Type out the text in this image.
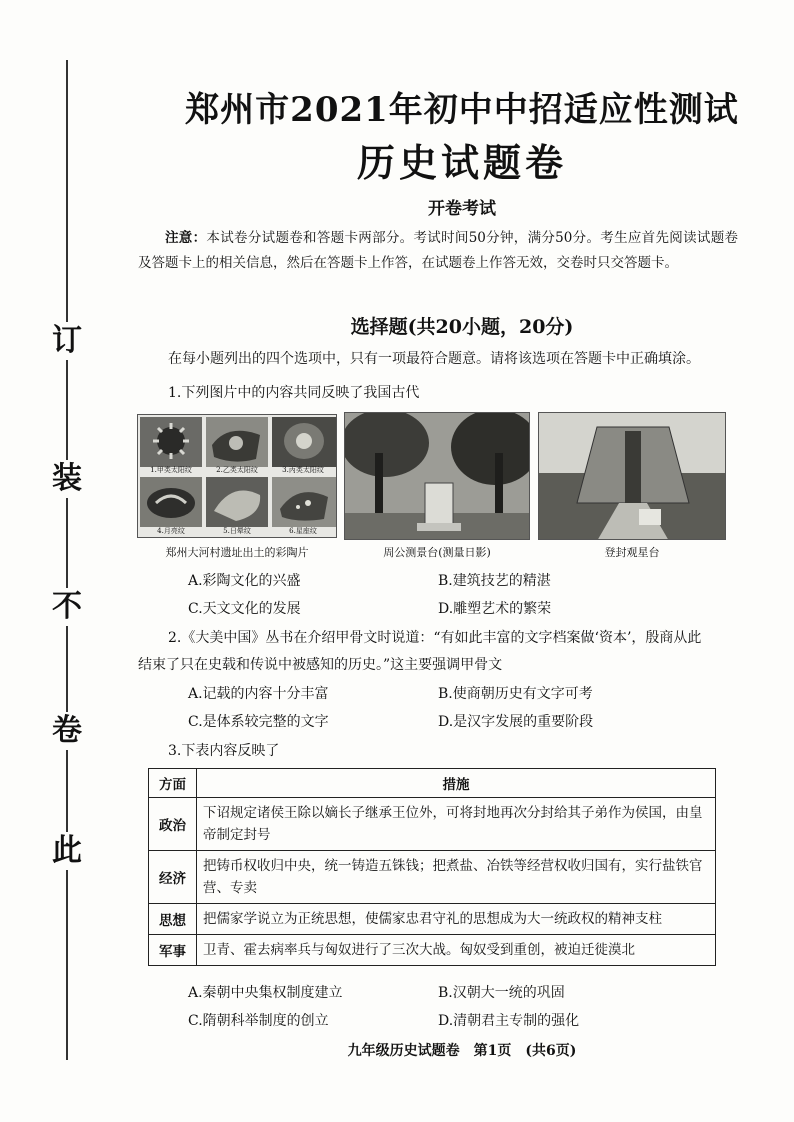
订
装
不
卷
此
郑州市2021年初中中招适应性测试
历史试题卷
开卷考试
注意：本试卷分试题卷和答题卡两部分。考试时间50分钟，满分50分。考生应首先阅读试题卷及答题卡上的相关信息，然后在答题卡上作答，在试题卷上作答无效，交卷时只交答题卡。
选择题(共20小题，20分)
在每小题列出的四个选项中，只有一项最符合题意。请将该选项在答题卡中正确填涂。
1.下列图片中的内容共同反映了我国古代
1.甲类太阳纹	2.乙类太阳纹	3.丙类太阳纹
4.月亮纹	5.日晕纹	6.星座纹
郑州大河村遗址出土的彩陶片	周公测景台(测量日影)	登封观星台
A.彩陶文化的兴盛	B.建筑技艺的精湛
C.天文文化的发展	D.雕塑艺术的繁荣
2.《大美中国》丛书在介绍甲骨文时说道：“有如此丰富的文字档案做‘资本’，殷商从此
结束了只在史载和传说中被感知的历史。”这主要强调甲骨文
A.记载的内容十分丰富	B.使商朝历史有文字可考
C.是体系较完整的文字	D.是汉字发展的重要阶段
3.下表内容反映了
方面	措施
政治	下诏规定诸侯王除以嫡长子继承王位外，可将封地再次分封给其子弟作为侯国，由皇帝制定封号
经济	把铸币权收归中央，统一铸造五铢钱；把煮盐、冶铁等经营权收归国有，实行盐铁官营、专卖
思想	把儒家学说立为正统思想，使儒家忠君守礼的思想成为大一统政权的精神支柱
军事	卫青、霍去病率兵与匈奴进行了三次大战。匈奴受到重创，被迫迁徙漠北
A.秦朝中央集权制度建立	B.汉朝大一统的巩固
C.隋朝科举制度的创立	D.清朝君主专制的强化
九年级历史试题卷　第1页　(共6页)
